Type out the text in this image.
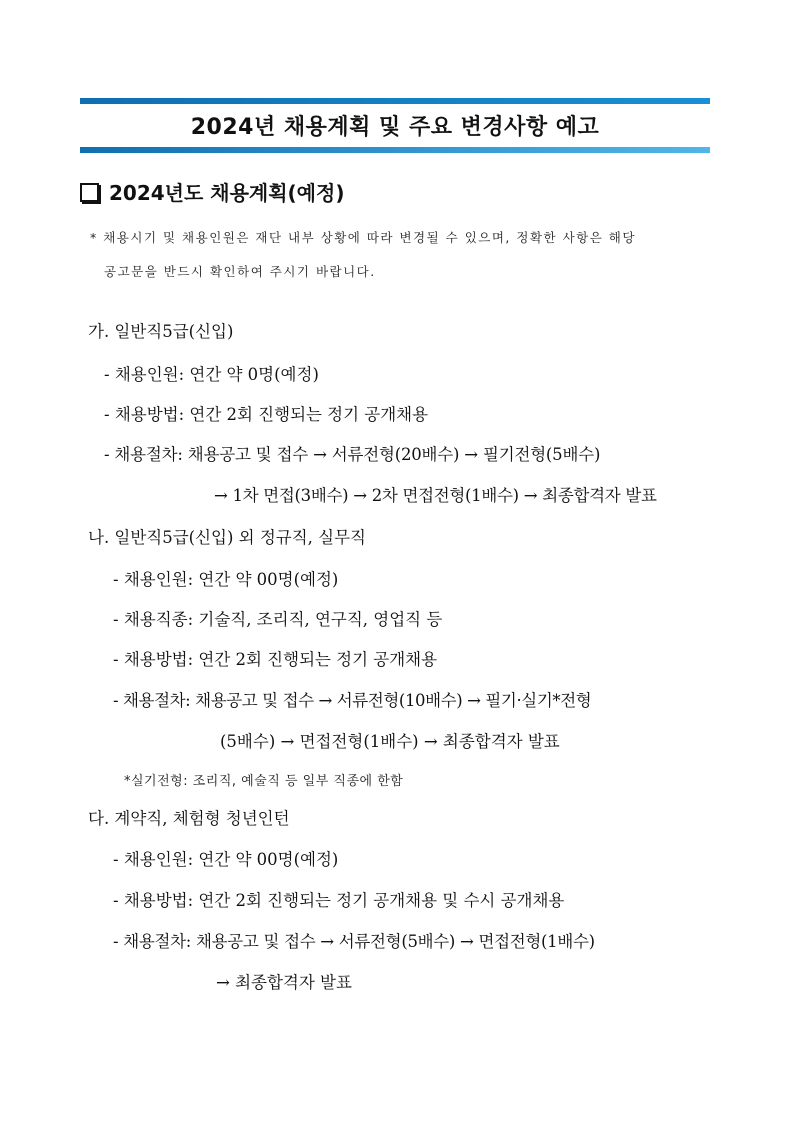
2024년 채용계획 및 주요 변경사항 예고
2024년도 채용계획(예정)
* 채용시기 및 채용인원은 재단 내부 상황에 따라 변경될 수 있으며, 정확한 사항은 해당
공고문을 반드시 확인하여 주시기 바랍니다.
가. 일반직5급(신입)
- 채용인원: 연간 약 0명(예정)
- 채용방법: 연간 2회 진행되는 정기 공개채용
- 채용절차: 채용공고 및 접수 → 서류전형(20배수) → 필기전형(5배수)
→ 1차 면접(3배수) → 2차 면접전형(1배수) → 최종합격자 발표
나. 일반직5급(신입) 외 정규직, 실무직
- 채용인원: 연간 약 00명(예정)
- 채용직종: 기술직, 조리직, 연구직, 영업직 등
- 채용방법: 연간 2회 진행되는 정기 공개채용
- 채용절차: 채용공고 및 접수 → 서류전형(10배수) → 필기·실기*전형
(5배수) → 면접전형(1배수) → 최종합격자 발표
*실기전형: 조리직, 예술직 등 일부 직종에 한함
다. 계약직, 체험형 청년인턴
- 채용인원: 연간 약 00명(예정)
- 채용방법: 연간 2회 진행되는 정기 공개채용 및 수시 공개채용
- 채용절차: 채용공고 및 접수 → 서류전형(5배수) → 면접전형(1배수)
→ 최종합격자 발표
